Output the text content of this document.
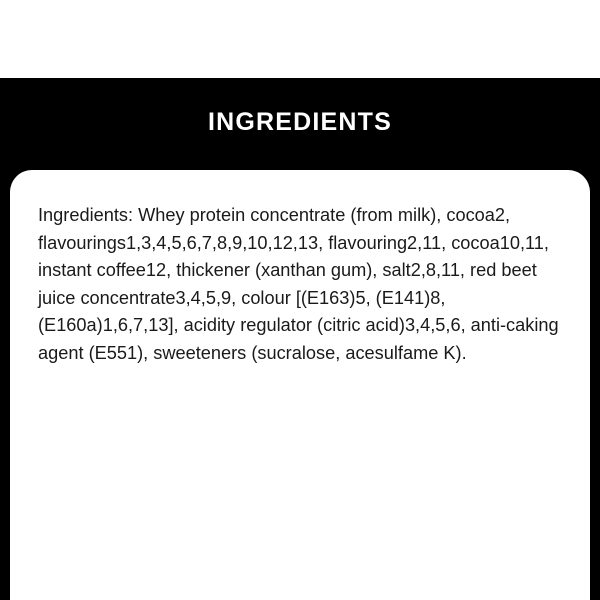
INGREDIENTS

Ingredients: Whey protein concentrate (from milk), cocoa2, flavourings1,3,4,5,6,7,8,9,10,12,13, flavouring2,11, cocoa10,11, instant coffee12, thickener (xanthan gum), salt2,8,11, red beet juice concentrate3,4,5,9, colour [(E163)5, (E141)8, (E160a)1,6,7,13], acidity regulator (citric acid)3,4,5,6, anti-caking agent (E551), sweeteners (sucralose, acesulfame K).
